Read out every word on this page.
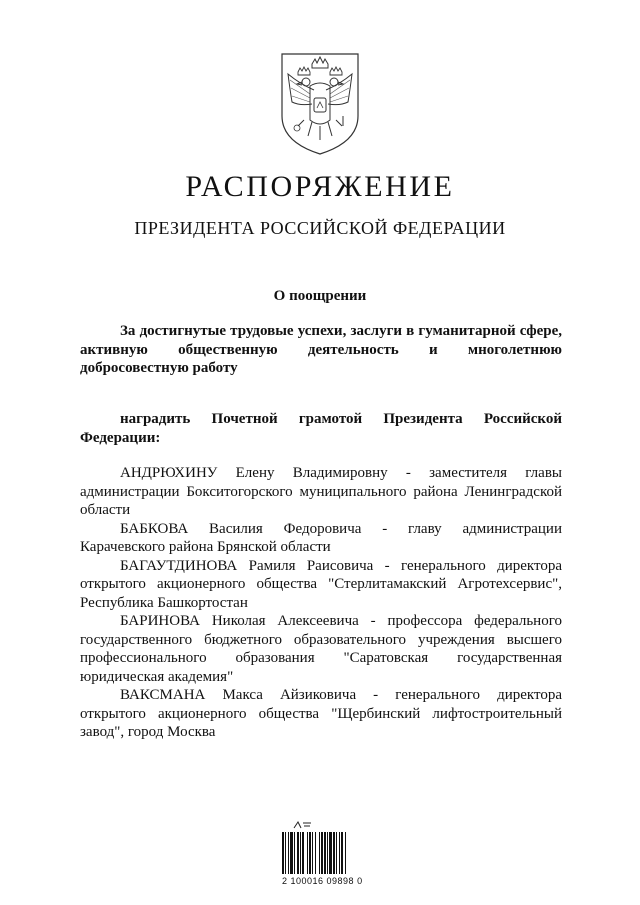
РАСПОРЯЖЕНИЕ
ПРЕЗИДЕНТА РОССИЙСКОЙ ФЕДЕРАЦИИ
О поощрении

За достигнутые трудовые успехи, заслуги в гуманитарной сфере, активную общественную деятельность и многолетнюю добросовестную работу

наградить Почетной грамотой Президента Российской Федерации:

АНДРЮХИНУ Елену Владимировну - заместителя главы администрации Бокситогорского муниципального района Ленинградской области

БАБКОВА Василия Федоровича - главу администрации Карачевского района Брянской области

БАГАУТДИНОВА Рамиля Раисовича - генерального директора открытого акционерного общества "Стерлитамакский Агротехсервис", Республика Башкортостан

БАРИНОВА Николая Алексеевича - профессора федерального государственного бюджетного образовательного учреждения высшего профессионального образования "Саратовская государственная юридическая академия"

ВАКСМАНА Макса Айзиковича - генерального директора открытого акционерного общества "Щербинский лифтостроительный завод", город Москва

2 100016 09898 0
